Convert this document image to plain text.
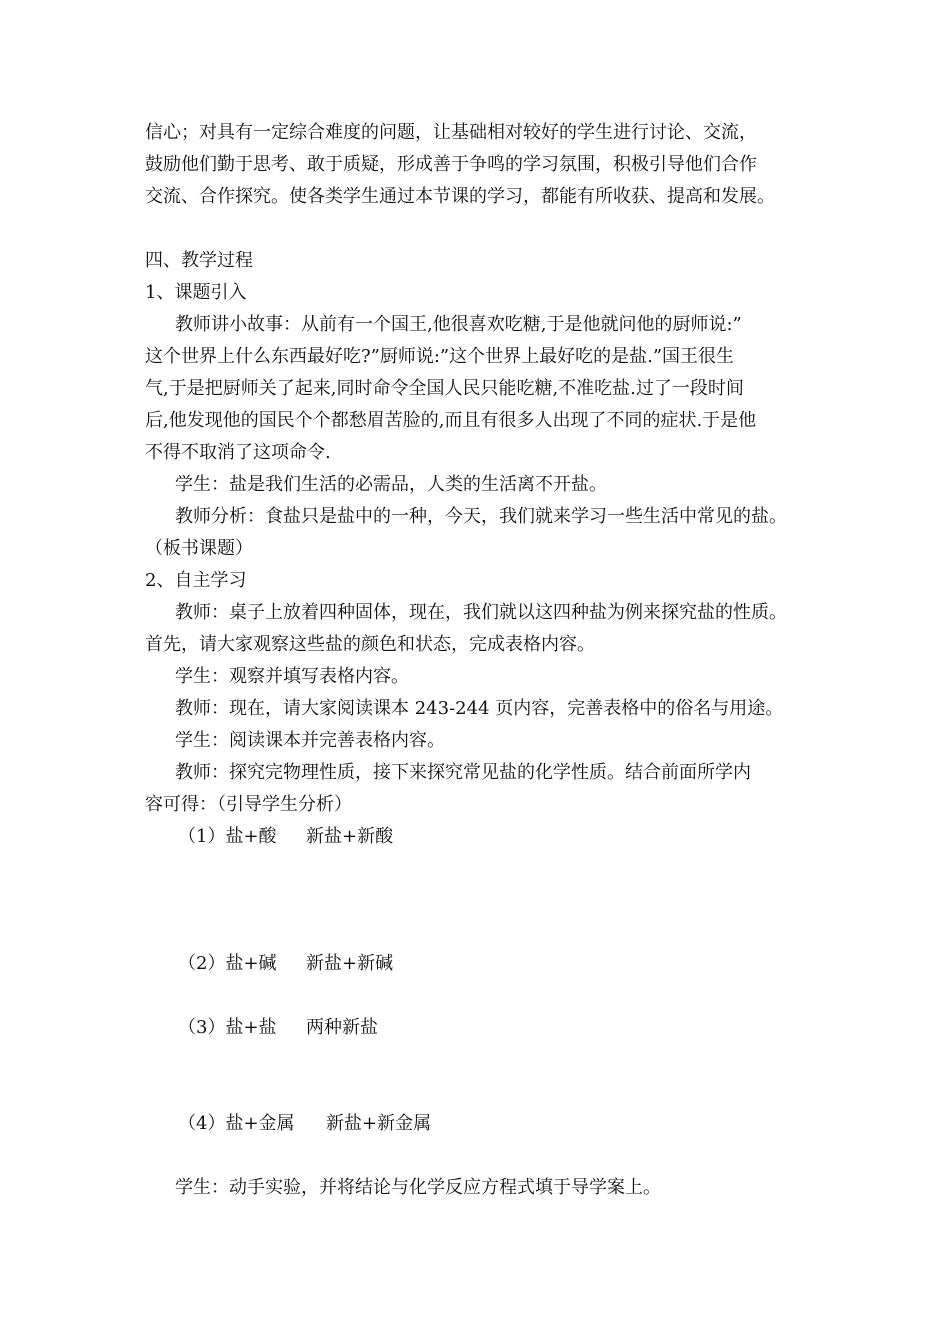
信心；对具有一定综合难度的问题，让基础相对较好的学生进行讨论、交流，
鼓励他们勤于思考、敢于质疑，形成善于争鸣的学习氛围，积极引导他们合作
交流、合作探究。使各类学生通过本节课的学习，都能有所收获、提高和发展。
四、教学过程
1、课题引入
教师讲小故事：从前有一个国王,他很喜欢吃糖,于是他就问他的厨师说:”
这个世界上什么东西最好吃?”厨师说:”这个世界上最好吃的是盐.”国王很生
气,于是把厨师关了起来,同时命令全国人民只能吃糖,不准吃盐.过了一段时间
后,他发现他的国民个个都愁眉苦脸的,而且有很多人出现了不同的症状.于是他
不得不取消了这项命令.
学生：盐是我们生活的必需品，人类的生活离不开盐。
教师分析：食盐只是盐中的一种，今天，我们就来学习一些生活中常见的盐。
（板书课题）
2、自主学习
教师：桌子上放着四种固体，现在，我们就以这四种盐为例来探究盐的性质。
首先，请大家观察这些盐的颜色和状态，完成表格内容。
学生：观察并填写表格内容。
教师：现在，请大家阅读课本 243-244 页内容，完善表格中的俗名与用途。
学生：阅读课本并完善表格内容。
教师：探究完物理性质，接下来探究常见盐的化学性质。结合前面所学内
容可得：（引导学生分析）
（1）盐+酸 新盐+新酸
（2）盐+碱 新盐+新碱
（3）盐+盐 两种新盐
（4）盐+金属 新盐+新金属
学生：动手实验，并将结论与化学反应方程式填于导学案上。
